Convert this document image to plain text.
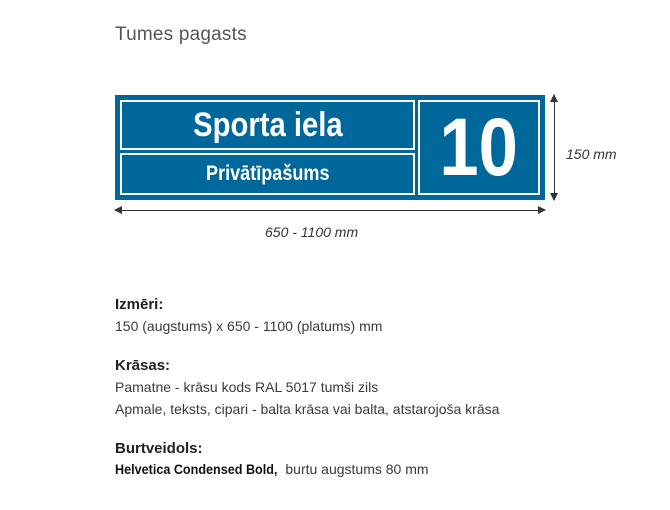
Tumes pagasts
Sporta iela
Privātīpašums 10
650 - 1100 mm
150 mm
Izmēri:
150 (augstums) x 650 - 1100 (platums) mm
Krāsas:
Pamatne - krāsu kods RAL 5017 tumši zils
Apmale, teksts, cipari - balta krāsa vai balta, atstarojoša krāsa
Burtveidols:
Helvetica Condensed Bold, burtu augstums 80 mm
